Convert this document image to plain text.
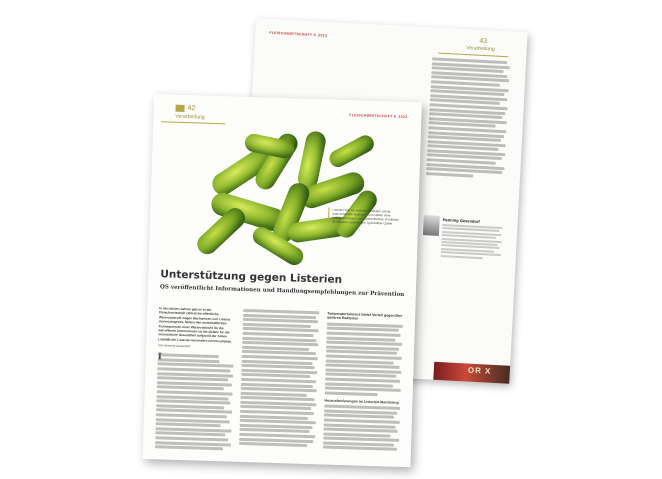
FLEISCHWIRTSCHAFT 6_2023
43
Verarbeitung
Henning Gesendorf
OR X
42
Verarbeitung	FLEISCHWIRTSCHAFT 6_2023
Listerien sind ein widerstandsfähiger, wenig anspruchsvoller Bakterium und stellen unter Umständen gegen von Listerienfreiheit. Produkten ist Aufwand zuverlässiger Quecksilber Quelle.
Unterstützung gegen Listerien
QS veröffentlicht Informationen und Handlungsempfehlungen zur Prävention
In den letzten Jahren gab es in der Fleischwirtschaft zahlreiche öffentliche Warenrückrufe wegen Nachweisen von Listeria monocytogenes. Neben den wirtschaftlichen Konsequenzen einer Warenrückrufe für die betroffenen Unternehmen ist die Gefahr für die menschliche Gesundheit aufgrund der hohen Letalität der Listerien besonders hervorzuheben.
Von Henning Gesendorf
Temperaturtoleranz bietet Vorteil gegenüber anderen Bakterien
Herausforderungen im Listerien-Monitoring
